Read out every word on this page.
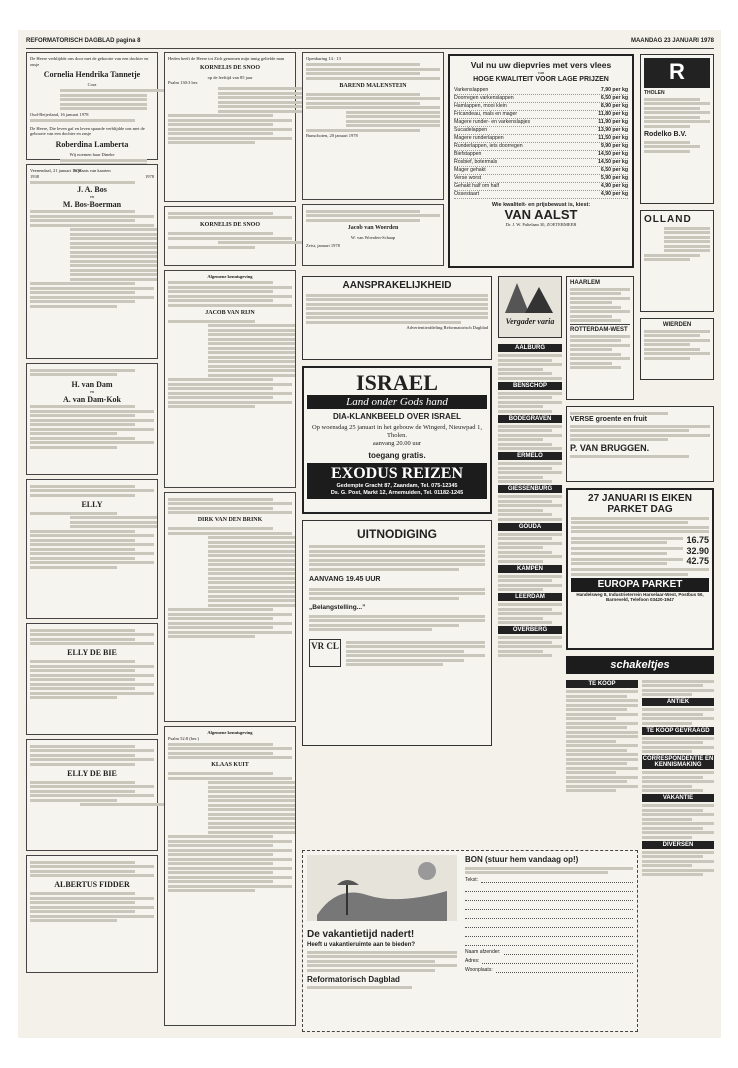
REFORMATORISCH DAGBLAD pagina 8	MAANDAG 23 JANUARI 1978
De Heere verblijdde ons door met de geboorte van een dochter en zusje
Cornelia Hendrika Tannetje
Cora
Oud-Beijerland, 16 januari 1978
De Heere, Die leven gaf en leven spaarde verblijdde ons met de geboorte van een dochter en zusje
Roberdina Lamberta
Wij noemen haar Dineke
Veenendaal, 21 januari 1978
In plaats van kaarten
1938	1978
J. A. Bos
en
M. Bos-Boerman
H. van Dam
en
A. van Dam-Kok
ELLY
ELLY DE BIE
ELLY DE BIE
ALBERTUS FIDDER
Heden heeft de Heere tot Zich genomen mijn innig geliefde man
KORNELIS DE SNOO
op de leeftijd van 85 jaar
Psalm 130:3 ber.
KORNELIS DE SNOO
Algemene kennisgeving
JACOB VAN RIJN
DIRK VAN DEN BRINK
Algemene kennisgeving
Psalm 52:8 (ber.)
KLAAS KUIT
Openbaring 14 : 13
BAREND MALENSTEIN
Bunschoten, 20 januari 1978
Jacob van Woerden
W. van Woerden-Schaap
Zeist, januari 1978
Vul nu uw diepvries met vers vlees
van
HOGE KWALITEIT VOOR LAGE PRIJZEN
Varkenslappen	7,90 per kg
Doorregen varkenslappen	6,50 per kg
Hamlappen, mooi klein	8,90 per kg
Fricandeau, mals en mager	11,80 per kg
Magere runder- en varkenslapjes	11,90 per kg
Sucadelappen	13,90 per kg
Magere runderlappen	11,50 per kg
Runderlappen, iets doorregen	9,90 per kg
Biefstappen	14,50 per kg
Rosbief, botermals	14,50 per kg
Mager gehakt	6,50 per kg
Verse worst	5,90 per kg
Gehakt half om half	4,90 per kg
Ossestaart	4,90 per kg
Wie kwaliteit- en prijsbewust is, kiest:
VAN AALST
Dr. J. W. Paltelaan 30, ZOETERMEER
R
THOLEN
Rodelko B.V.
OLLAND
AANSPRAKELIJKHEID
Advertentieafdeling Reformatorisch Dagblad
ISRAEL
Land onder Gods hand
DIA-KLANKBEELD OVER ISRAEL
Op woensdag 25 januari in het gebouw de Wingerd, Nieuwpad 1, Tholen.
aanvang 20.00 uur
toegang gratis.
EXODUS REIZEN
Gedempte Gracht 87, Zaandam, Tel. 075-12345
Ds. G. Post, Markt 12, Arnemuiden, Tel. 01182-1245
UITNODIGING
AANVANG 19.45 UUR
„Belangstelling...”
VR CL
Vergader varia
AALBURG
BENSCHOP
BODEGRAVEN
ERMELO
GIESSENBURG
GOUDA
KAMPEN
LEERDAM
OVERBERG
HAARLEM
ROTTERDAM-WEST
WIERDEN
VERSE groente en fruit
P. VAN BRUGGEN.
27 JANUARI IS EIKEN PARKET DAG
16.75
32.90
42.75
EUROPA PARKET
Handelsweg 8, Industrieterrein Harselaar-West, Postbus 50, Barneveld, Telefoon 03420-1947
schakeltjes
TE KOOP
ANTIEK
TE KOOP GEVRAAGD
CORRESPONDENTIE EN KENNISMAKING
VAKANTIE
DIVERSEN
De vakantietijd nadert!
Heeft u vakantieruimte aan te bieden?
Reformatorisch Dagblad
BON (stuur hem vandaag op!)
Tekst:
Naam afzender:
Adres:
Woonplaats:
